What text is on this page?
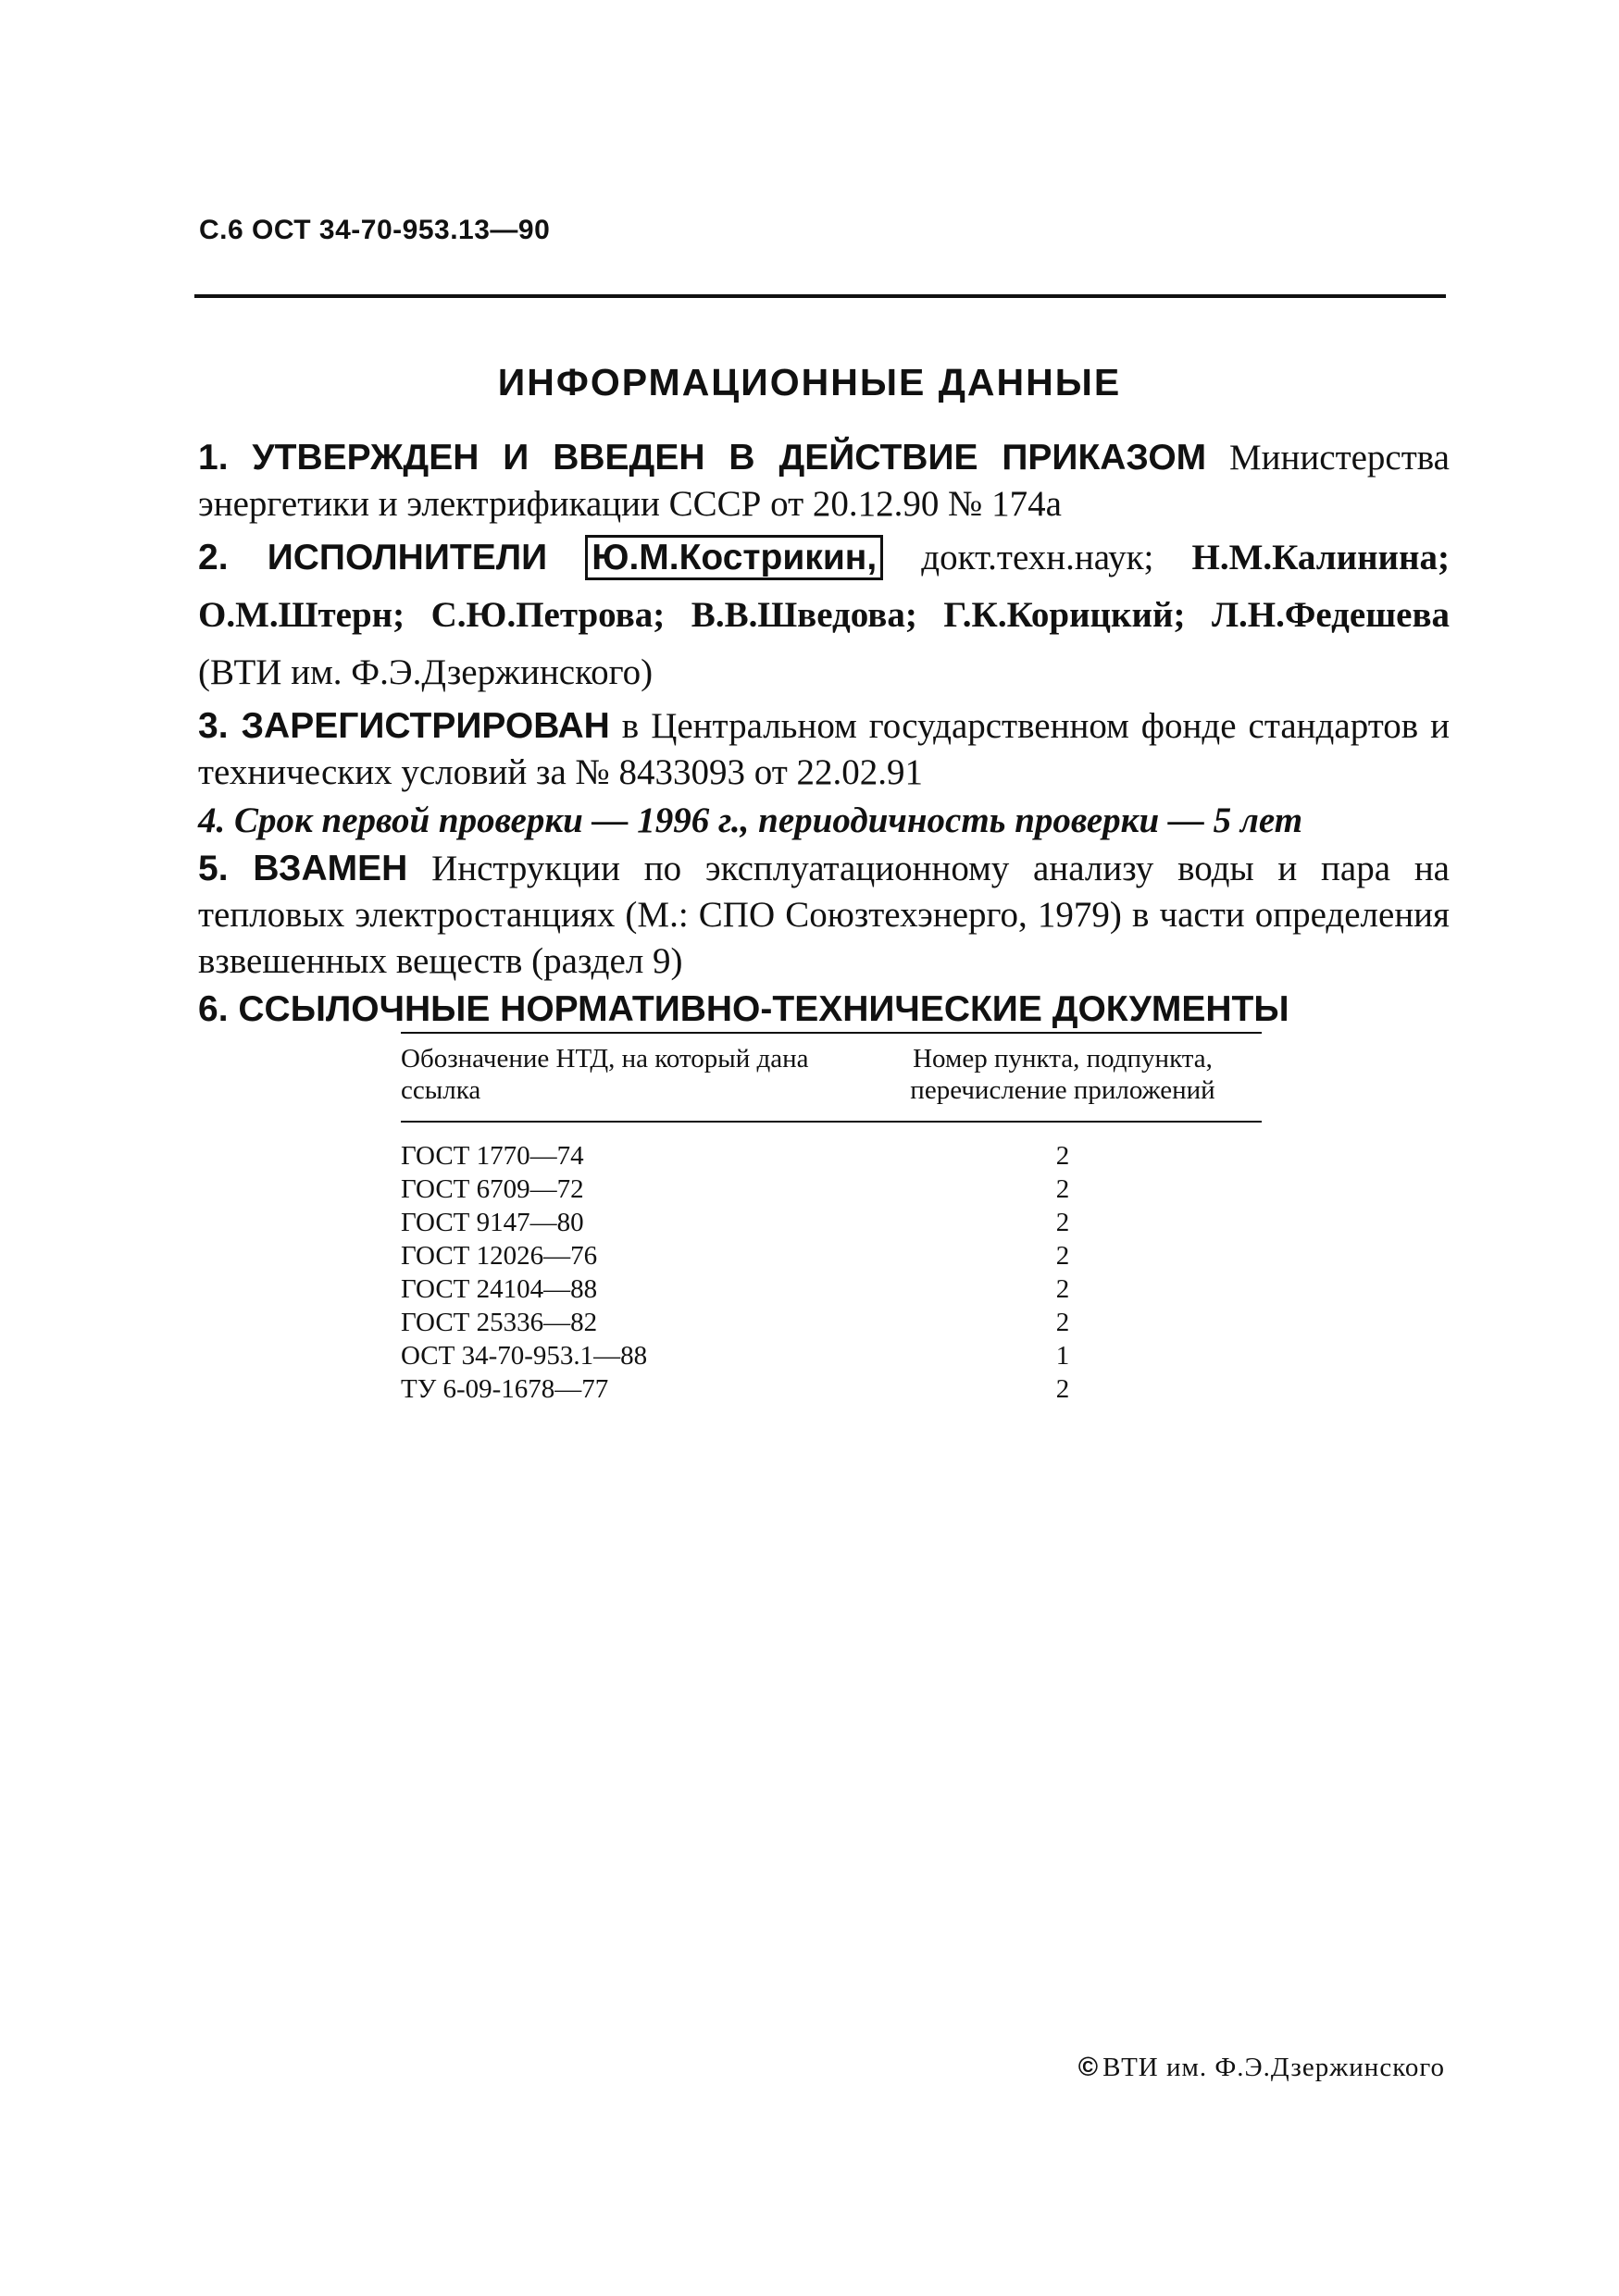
С.6 ОСТ 34-70-953.13—90
ИНФОРМАЦИОННЫЕ ДАННЫЕ
1. УТВЕРЖДЕН И ВВЕДЕН В ДЕЙСТВИЕ ПРИКАЗОМ Министерства энергетики и электрификации СССР от 20.12.90 № 174а
2. ИСПОЛНИТЕЛИ Ю.М.Кострикин, докт.техн.наук; Н.М.Калинина; О.М.Штерн; С.Ю.Петрова; В.В.Шведова; Г.К.Корицкий; Л.Н.Федешева (ВТИ им. Ф.Э.Дзержинского)
3. ЗАРЕГИСТРИРОВАН в Центральном государственном фонде стандартов и технических условий за № 8433093 от 22.02.91
4. Срок первой проверки — 1996 г., периодичность проверки — 5 лет
5. ВЗАМЕН Инструкции по эксплуатационному анализу воды и пара на тепловых электростанциях (М.: СПО Союзтехэнерго, 1979) в части определения взвешенных веществ (раздел 9)
6. ССЫЛОЧНЫЕ НОРМАТИВНО-ТЕХНИЧЕСКИЕ ДОКУМЕНТЫ
Обозначение НТД, на который дана ссылка	Номер пункта, подпункта, перечисление приложений
ГОСТ 1770—74	2
ГОСТ 6709—72	2
ГОСТ 9147—80	2
ГОСТ 12026—76	2
ГОСТ 24104—88	2
ГОСТ 25336—82	2
ОСТ 34-70-953.1—88	1
ТУ 6-09-1678—77	2
© ВТИ им. Ф.Э.Дзержинского
